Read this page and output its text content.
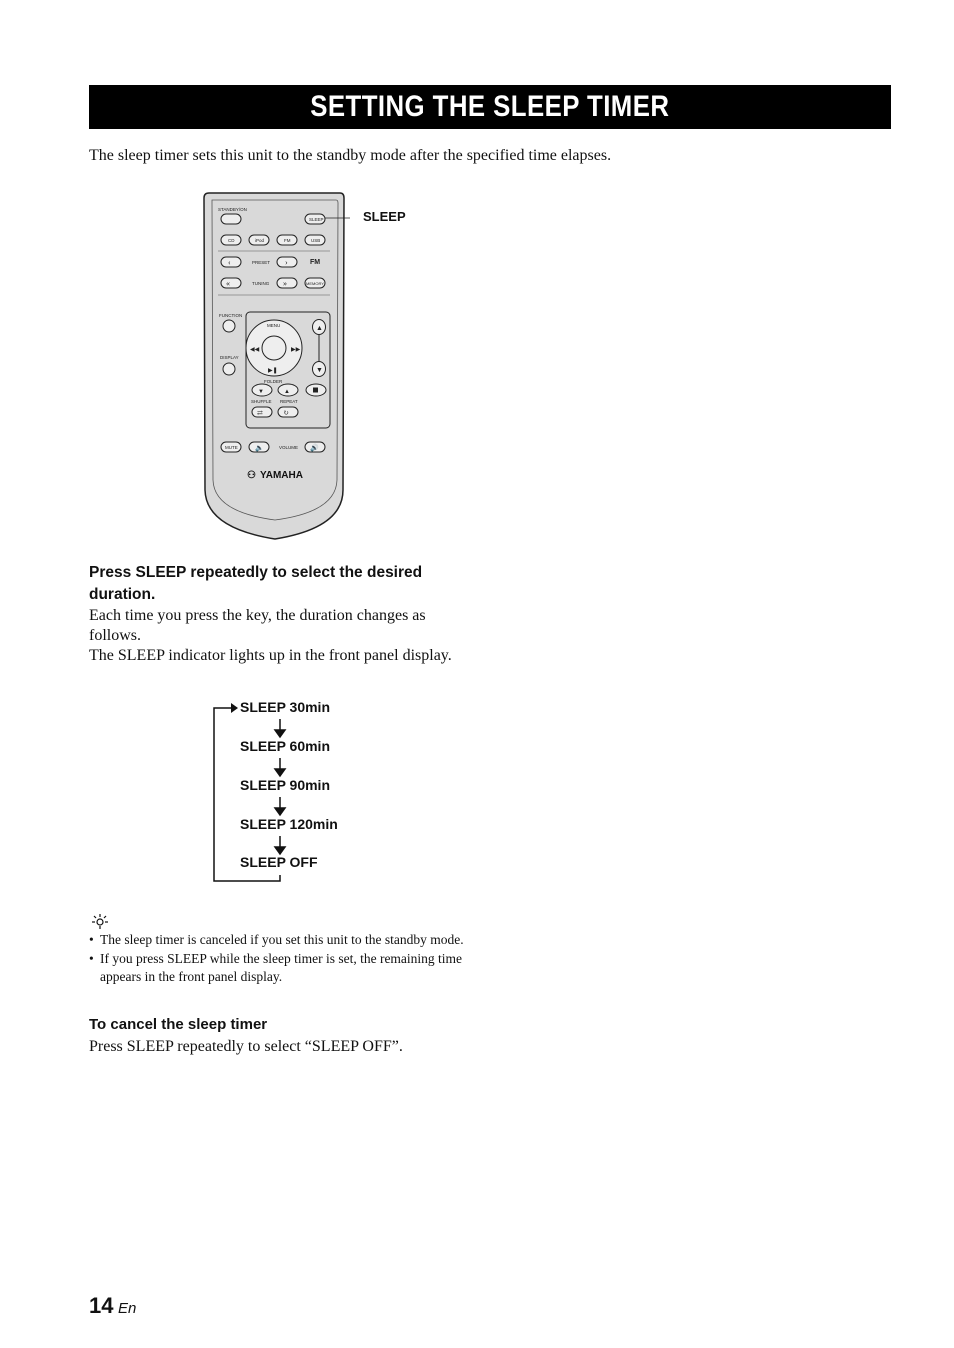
SETTING THE SLEEP TIMER
The sleep timer sets this unit to the standby mode after the specified time elapses.
STANDBY/ON
SLEEP
CD	iPod	FM	USB
‹	PRESET ›	FM
«	TUNING »	MEMORY
FUNCTION
DISPLAY
MENU
◀◀	▶▶
▶❚
▲
▼
FOLDER
▼	▲
SHUFFLE REPEAT
⇄	↻
MUTE 🔈	VOLUME 🔊
⚇ YAMAHA
SLEEP
Press SLEEP repeatedly to select the desired duration.

Each time you press the key, the duration changes as follows.

The SLEEP indicator lights up in the front panel display.

SLEEP 30min
SLEEP 60min
SLEEP 90min
SLEEP 120min
SLEEP OFF
• The sleep timer is canceled if you set this unit to the standby mode.
• If you press SLEEP while the sleep timer is set, the remaining time appears in the front panel display.
To cancel the sleep timer
Press SLEEP repeatedly to select “SLEEP OFF”.
14 En
